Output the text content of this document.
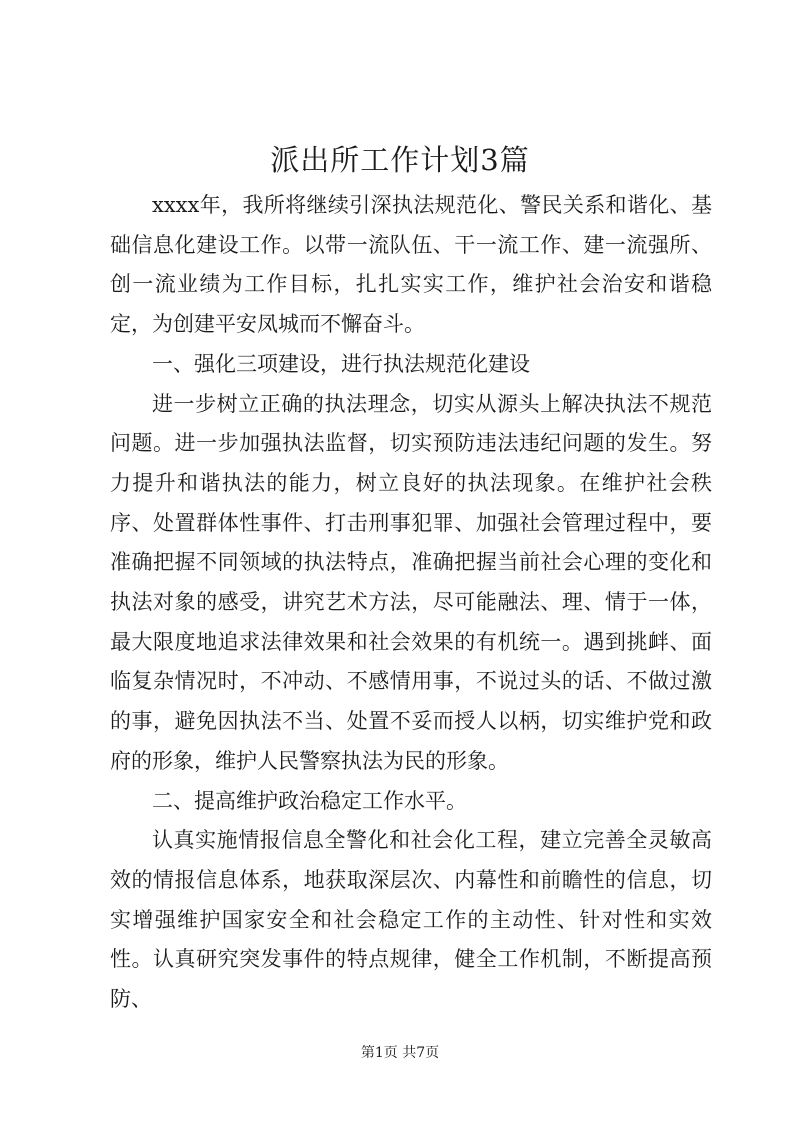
派出所工作计划3篇

xxxx年，我所将继续引深执法规范化、警民关系和谐化、基础信息化建设工作。以带一流队伍、干一流工作、建一流强所、创一流业绩为工作目标，扎扎实实工作，维护社会治安和谐稳定，为创建平安凤城而不懈奋斗。

一、强化三项建设，进行执法规范化建设

进一步树立正确的执法理念，切实从源头上解决执法不规范问题。进一步加强执法监督，切实预防违法违纪问题的发生。努力提升和谐执法的能力，树立良好的执法现象。在维护社会秩序、处置群体性事件、打击刑事犯罪、加强社会管理过程中，要准确把握不同领域的执法特点，准确把握当前社会心理的变化和执法对象的感受，讲究艺术方法，尽可能融法、理、情于一体，最大限度地追求法律效果和社会效果的有机统一。遇到挑衅、面临复杂情况时，不冲动、不感情用事，不说过头的话、不做过激的事，避免因执法不当、处置不妥而授人以柄，切实维护党和政府的形象，维护人民警察执法为民的形象。

二、提高维护政治稳定工作水平。

认真实施情报信息全警化和社会化工程，建立完善全灵敏高效的情报信息体系，地获取深层次、内幕性和前瞻性的信息，切实增强维护国家安全和社会稳定工作的主动性、针对性和实效性。认真研究突发事件的特点规律，健全工作机制，不断提高预防、

第1页 共7页
